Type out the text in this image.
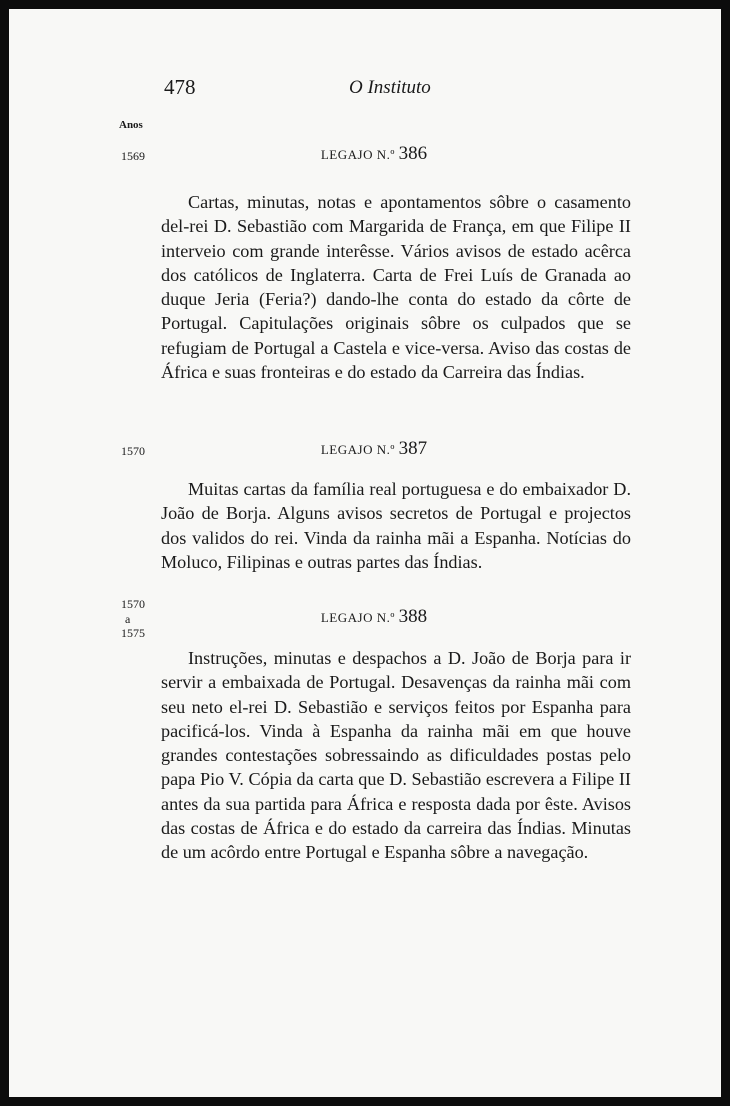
478	O Instituto
Anos
1569	LEGAJO N.º 386

Cartas, minutas, notas e apontamentos sôbre o casamento del-rei D. Sebastião com Margarida de França, em que Filipe II interveio com grande interêsse. Vários avisos de estado acêrca dos católicos de Inglaterra. Carta de Frei Luís de Granada ao duque Jeria (Feria?) dando-lhe conta do estado da côrte de Portugal. Capitulações originais sôbre os culpados que se refugiam de Portugal a Castela e vice-versa. Aviso das costas de África e suas fronteiras e do estado da Carreira das Índias.

1570	LEGAJO N.º 387

Muitas cartas da família real portuguesa e do embaixador D. João de Borja. Alguns avisos secretos de Portugal e projectos dos validos do rei. Vinda da rainha mãi a Espanha. Notícias do Moluco, Filipinas e outras partes das Índias.

1570
a
1575
LEGAJO N.º 388

Instruções, minutas e despachos a D. João de Borja para ir servir a embaixada de Portugal. Desavenças da rainha mãi com seu neto el-rei D. Sebastião e serviços feitos por Espanha para pacificá-los. Vinda à Espanha da rainha mãi em que houve grandes contestações sobressaindo as dificuldades postas pelo papa Pio V. Cópia da carta que D. Sebastião escrevera a Filipe II antes da sua partida para África e resposta dada por êste. Avisos das costas de África e do estado da carreira das Índias. Minutas de um acôrdo entre Portugal e Espanha sôbre a navegação.
